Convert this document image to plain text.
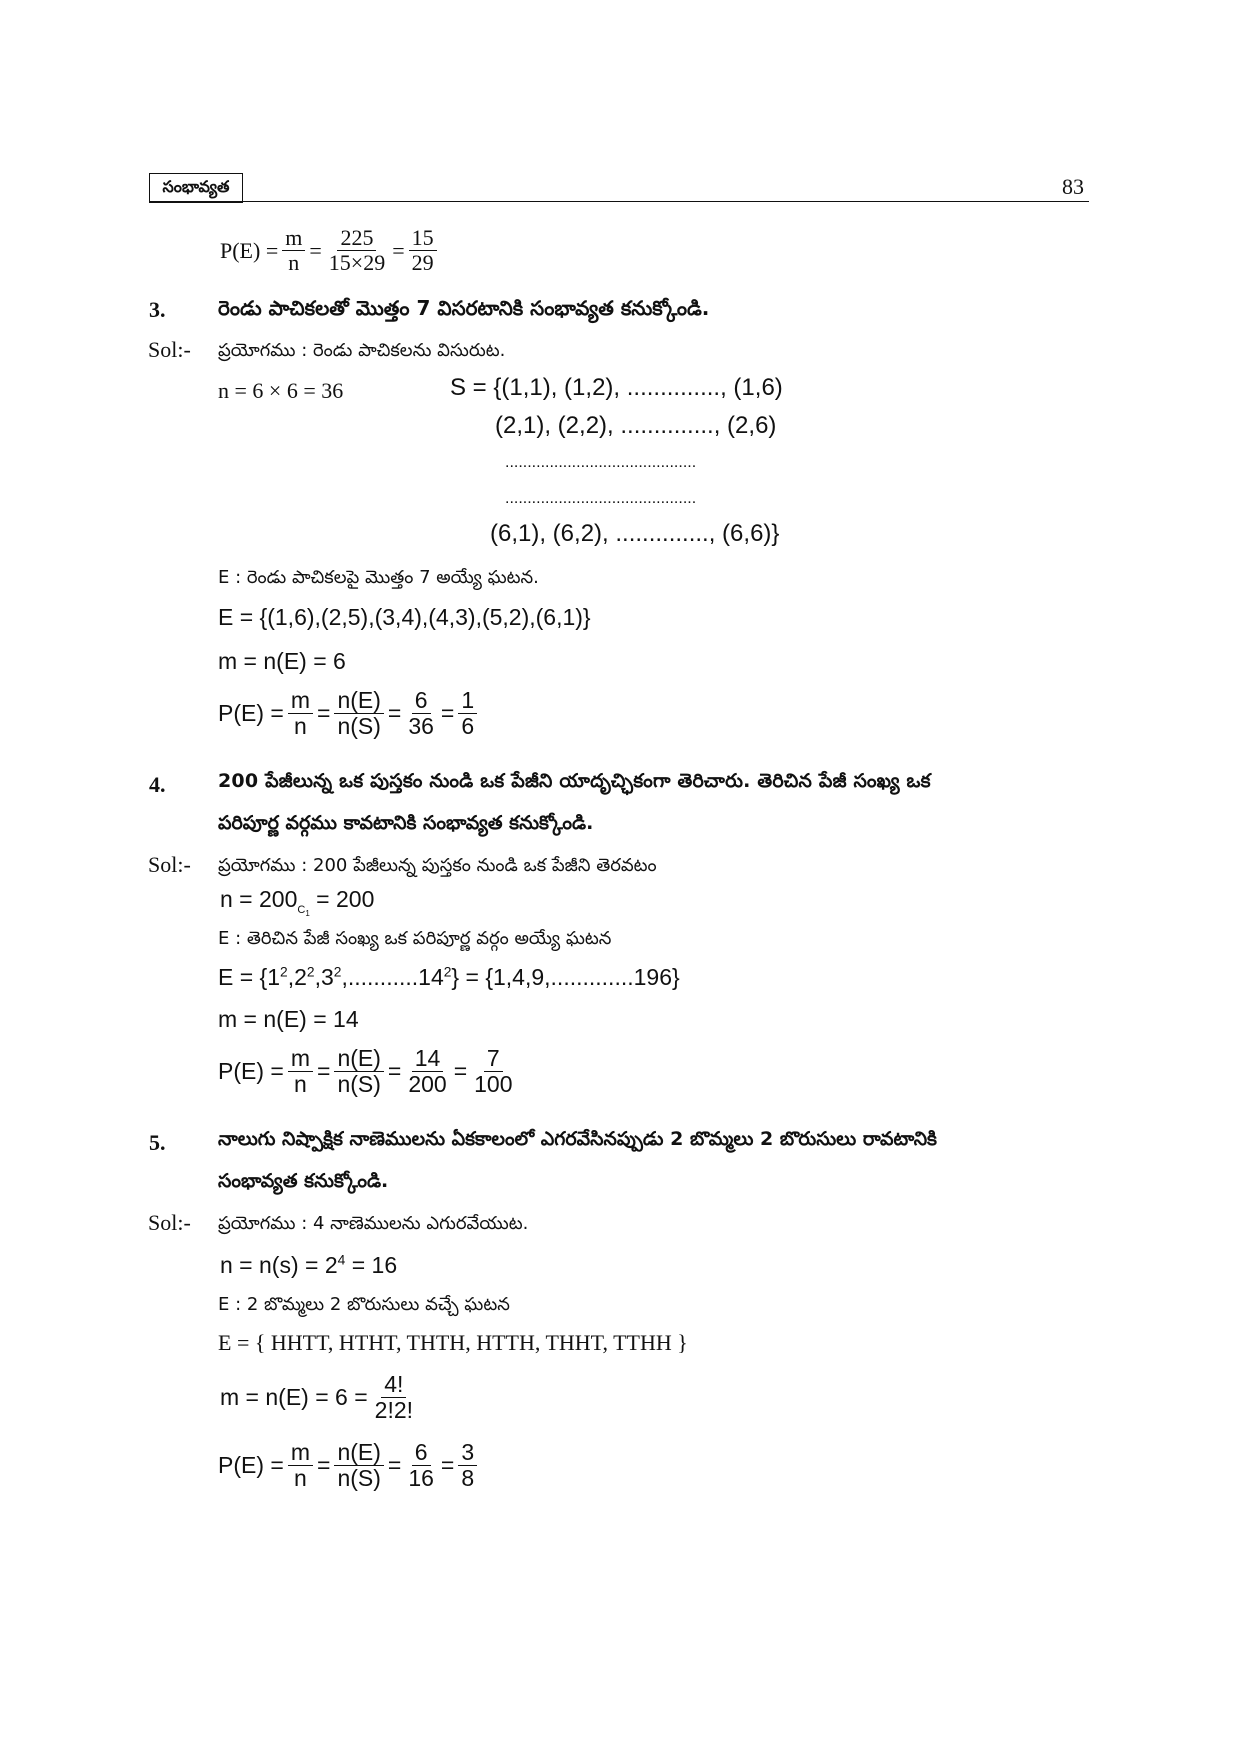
సంభావ్యత	83
$P(E) = \frac{m}{n} = \frac{225}{15\times 29} = \frac{15}{29}$
3.	రెండు పాచికలతో మొత్తం 7 విసరటానికి సంభావ్యత కనుక్కోండి.
Sol:- ప్రయోగము : రెండు పాచికలను విసురుట.
n = 6 × 6 = 36	S = {(1,1), (1,2), .............., (1,6)
(2,1), (2,2), .............., (2,6)
...........................................
...........................................
(6,1), (6,2), .............., (6,6)}
E : రెండు పాచికలపై మొత్తం 7 అయ్యే ఘటన.
E = {(1,6),(2,5),(3,4),(4,3),(5,2),(6,1)}
m = n(E) = 6
$P(E) = \frac{m}{n} = \frac{n(E)}{n(S)} = \frac{6}{36} = \frac{1}{6}$
4.	200 పేజీలున్న ఒక పుస్తకం నుండి ఒక పేజీని యాదృచ్ఛికంగా తెరిచారు. తెరిచిన పేజీ సంఖ్య ఒక
పరిపూర్ణ వర్గము కావటానికి సంభావ్యత కనుక్కోండి.
Sol:- ప్రయోగము : 200 పేజీలున్న పుస్తకం నుండి ఒక పేజీని తెరవటం
$n = 200_{C_1} = 200$
E : తెరిచిన పేజీ సంఖ్య ఒక పరిపూర్ణ వర్గం అయ్యే ఘటన
$E = \{1^2,2^2,3^2,...........14^2\} = \{1,4,9,.............196\}$
m = n(E) = 14
$P(E) = \frac{m}{n} = \frac{n(E)}{n(S)} = \frac{14}{200} = \frac{7}{100}$
5.	నాలుగు నిష్పాక్షిక నాణెములను ఏకకాలంలో ఎగరవేసినప్పుడు 2 బొమ్మలు 2 బొరుసులు రావటానికి
సంభావ్యత కనుక్కోండి.
Sol:- ప్రయోగము : 4 నాణెములను ఎగురవేయుట.
$n = n(s) = 2^4 = 16$
E : 2 బొమ్మలు 2 బొరుసులు వచ్చే ఘటన
E = { HHTT, HTHT, THTH, HTTH, THHT, TTHH }
$m = n(E) = 6 = \frac{4!}{2!2!}$
$P(E) = \frac{m}{n} = \frac{n(E)}{n(S)} = \frac{6}{16} = \frac{3}{8}$
